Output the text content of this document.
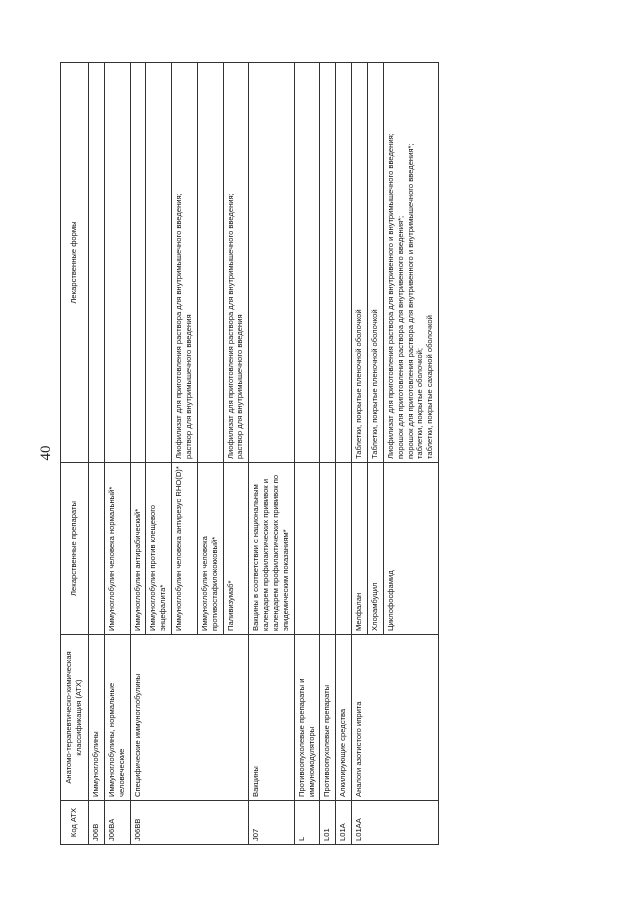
40
Код АТХ	Анатомо-терапевтическо-химическая классификация (АТХ)	Лекарственные препараты	Лекарственные формы
J06B	Иммуноглобулины		
J06BA	Иммуноглобулины, нормальные человеческие	Иммуноглобулин человека нормальный*	
J06BB	Специфические иммуноглобулины	Иммуноглобулин антирабический*	
		Иммуноглобулин против клещевого энцефалита*	
		Иммуноглобулин человека антирезус RHO(D)*	Лиофилизат для приготовления раствора для внутримышечного введения; раствор для внутримышечного введения

		Иммуноглобулин человека противостафилококковый*	
		Паливизумаб*	Лиофилизат для приготовления раствора для внутримышечного введения; раствор для внутримышечного введения

J07	Вакцины	Вакцины в соответствии с национальным календарем профилактических прививок и календарем профилактических прививок по эпидемическим показаниям*	
L	Противоопухолевые препараты и иммуномодуляторы		
L01	Противоопухолевые препараты		
L01A	Алкилирующие средства		
L01AA	Аналоги азотистого иприта	Мелфалан	Таблетки, покрытые пленочной оболочкой

		Хлорамбуцил	Таблетки, покрытые пленочной оболочкой

		Циклофосфамид	Лиофилизат для приготовления раствора для внутривенного и внутримышечного введения; порошок для приготовления раствора для внутривенного введения*; порошок для приготовления раствора для внутривенного и внутримышечного введения*; таблетки, покрытые оболочкой; таблетки, покрытые сахарной оболочкой
